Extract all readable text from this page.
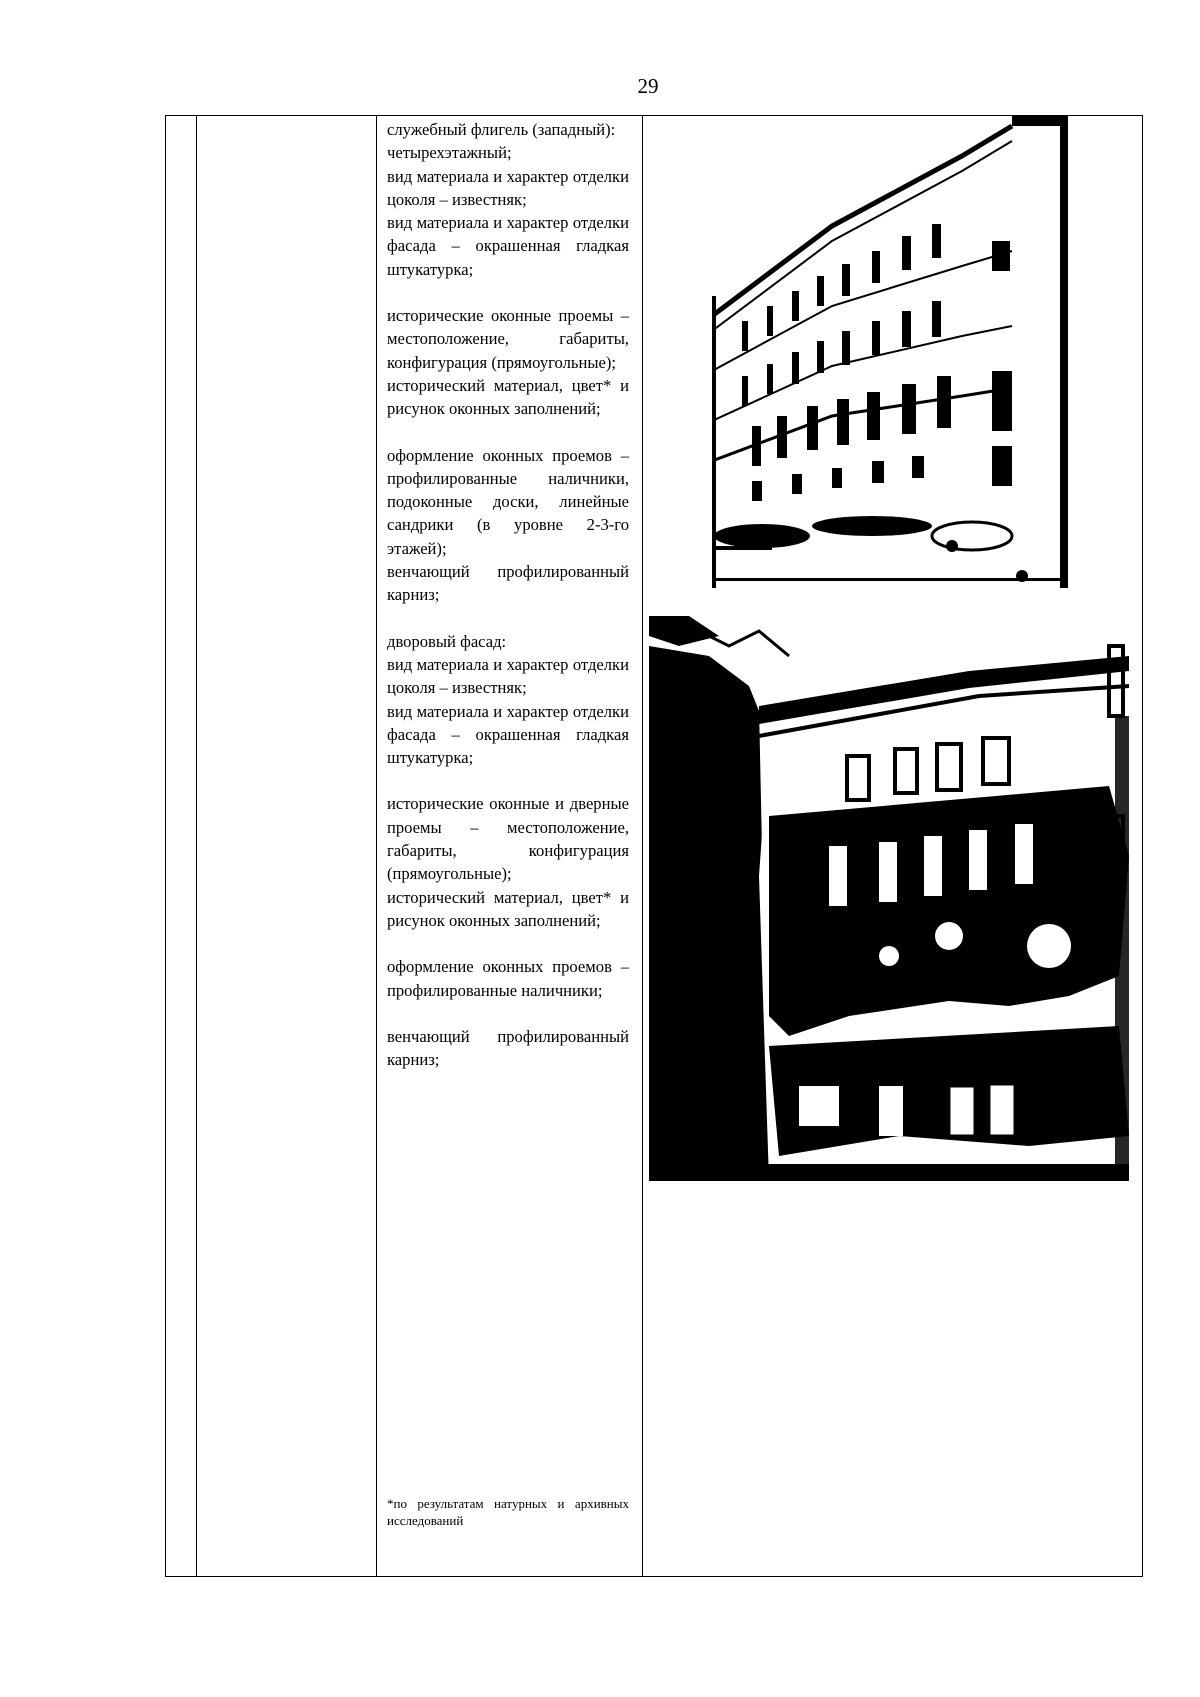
29

служебный флигель (западный):

четырехэтажный;

вид материала и характер отделки цоколя – известняк;

вид материала и характер отделки фасада – окрашенная гладкая штукатурка;

исторические оконные проемы – местоположение, габариты, конфигурация (прямоугольные);

исторический материал, цвет* и рисунок оконных заполнений;

оформление оконных проемов – профилированные наличники, подоконные доски, линейные сандрики (в уровне 2-3-го этажей);

венчающий профилированный карниз;

дворовый фасад:

вид материала и характер отделки цоколя – известняк;

вид материала и характер отделки фасада – окрашенная гладкая штукатурка;

исторические оконные и дверные проемы – местоположение, габариты, конфигурация (прямоугольные);

исторический материал, цвет* и рисунок оконных заполнений;

оформление оконных проемов – профилированные наличники;

венчающий профилированный карниз;

*по результатам натурных и архивных исследований
